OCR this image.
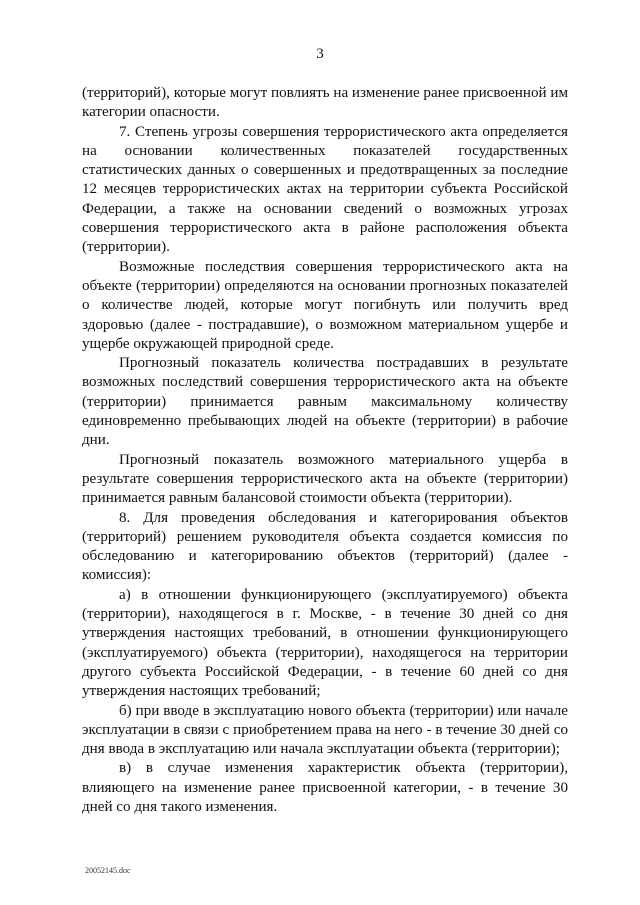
3

(территорий), которые могут повлиять на изменение ранее присвоенной им категории опасности.

7. Степень угрозы совершения террористического акта определяется на основании количественных показателей государственных статистических данных о совершенных и предотвращенных за последние 12 месяцев террористических актах на территории субъекта Российской Федерации, а также на основании сведений о возможных угрозах совершения террористического акта в районе расположения объекта (территории).

Возможные последствия совершения террористического акта на объекте (территории) определяются на основании прогнозных показателей о количестве людей, которые могут погибнуть или получить вред здоровью (далее - пострадавшие), о возможном материальном ущербе и ущербе окружающей природной среде.

Прогнозный показатель количества пострадавших в результате возможных последствий совершения террористического акта на объекте (территории) принимается равным максимальному количеству единовременно пребывающих людей на объекте (территории) в рабочие дни.

Прогнозный показатель возможного материального ущерба в результате совершения террористического акта на объекте (территории) принимается равным балансовой стоимости объекта (территории).

8. Для проведения обследования и категорирования объектов (территорий) решением руководителя объекта создается комиссия по обследованию и категорированию объектов (территорий) (далее - комиссия):

а) в отношении функционирующего (эксплуатируемого) объекта (территории), находящегося в г. Москве, - в течение 30 дней со дня утверждения настоящих требований, в отношении функционирующего (эксплуатируемого) объекта (территории), находящегося на территории другого субъекта Российской Федерации, - в течение 60 дней со дня утверждения настоящих требований;

б) при вводе в эксплуатацию нового объекта (территории) или начале эксплуатации в связи с приобретением права на него - в течение 30 дней со дня ввода в эксплуатацию или начала эксплуатации объекта (территории);

в) в случае изменения характеристик объекта (территории), влияющего на изменение ранее присвоенной категории, - в течение 30 дней со дня такого изменения.

20052145.doc
